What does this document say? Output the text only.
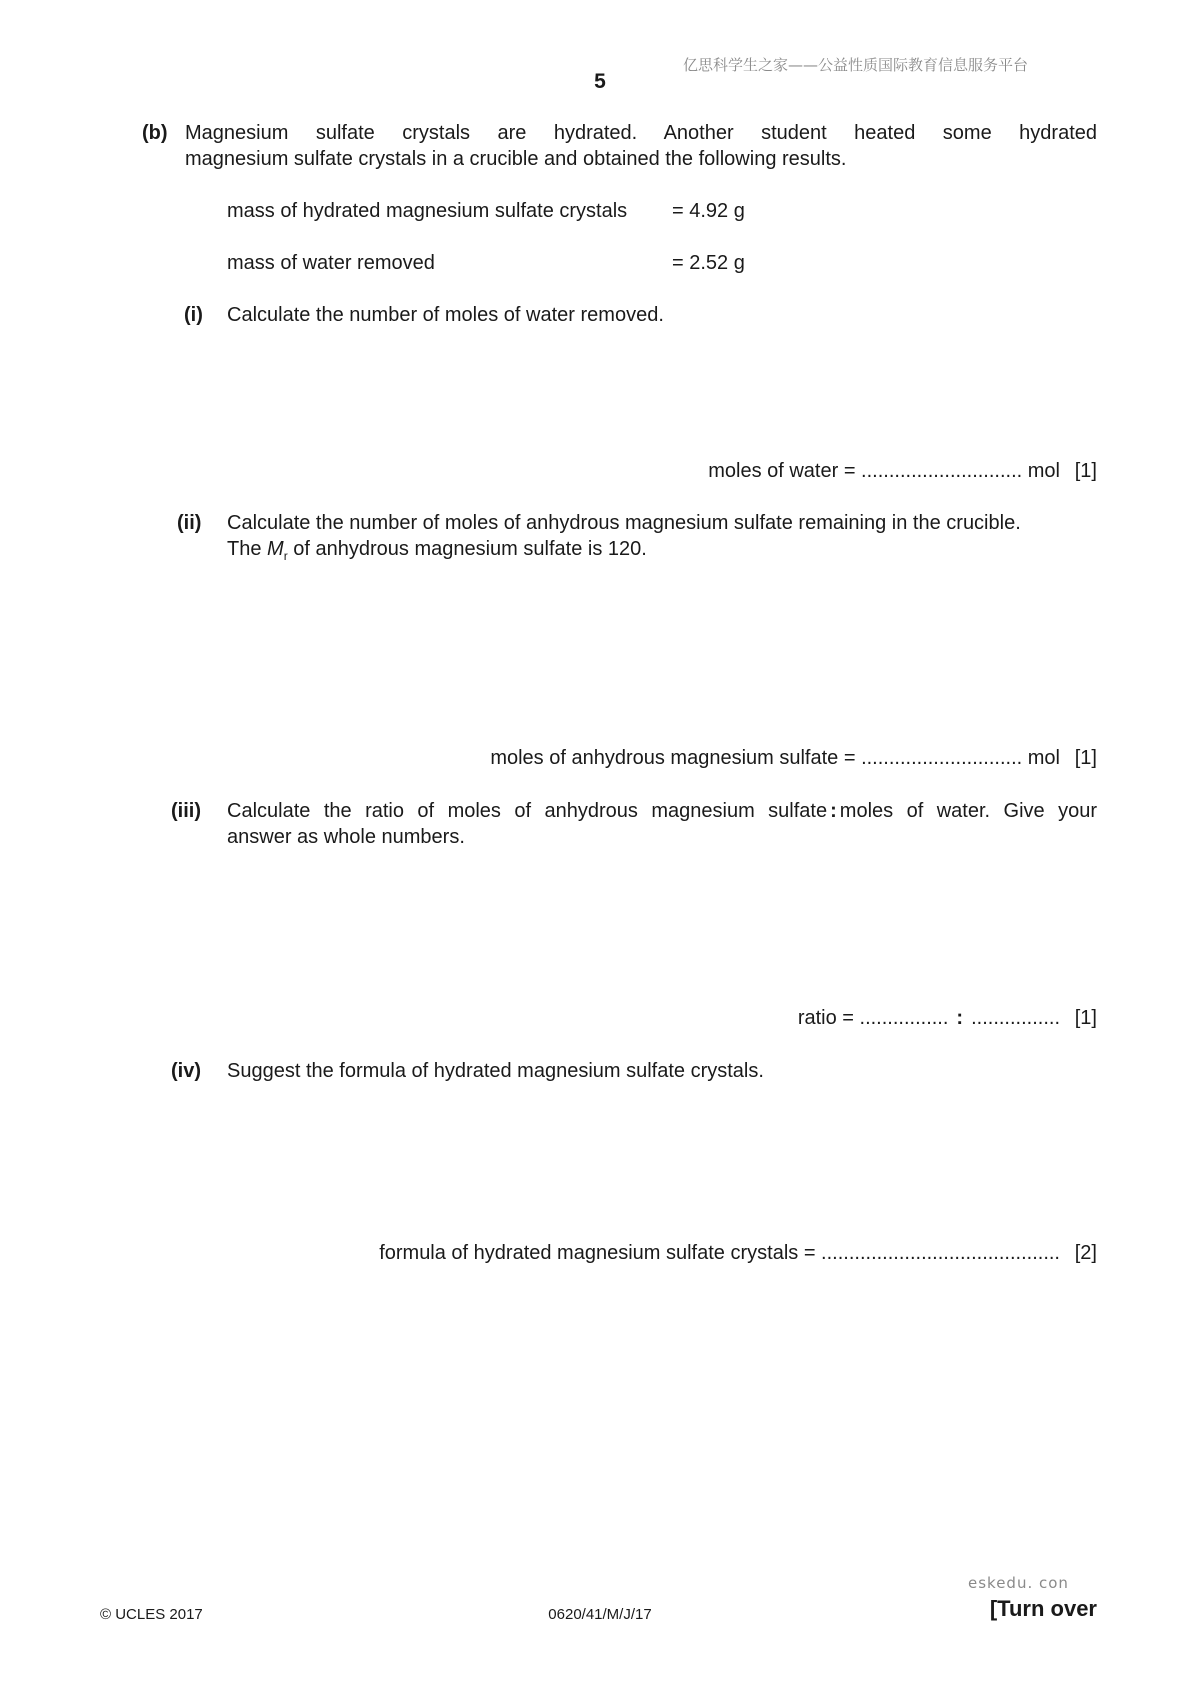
亿思科学生之家——公益性质国际教育信息服务平台
5
(b) Magnesium sulfate crystals are hydrated. Another student heated some hydrated
magnesium sulfate crystals in a crucible and obtained the following results.
mass of hydrated magnesium sulfate crystals = 4.92 g
mass of water removed	= 2.52 g
(i) Calculate the number of moles of water removed.
moles of water = ............................. mol [1]
(ii) Calculate the number of moles of anhydrous magnesium sulfate remaining in the crucible.
The $M_r$ of anhydrous magnesium sulfate is 120.
moles of anhydrous magnesium sulfate = ............................. mol [1]
(iii) Calculate the ratio of moles of anhydrous magnesium sulfate : moles of water. Give your
answer as whole numbers.
ratio = ................ : ................ [1]
(iv) Suggest the formula of hydrated magnesium sulfate crystals.
formula of hydrated magnesium sulfate crystals = ........................................... [2]
eskedu. con
© UCLES 2017	0620/41/M/J/17	[Turn over
